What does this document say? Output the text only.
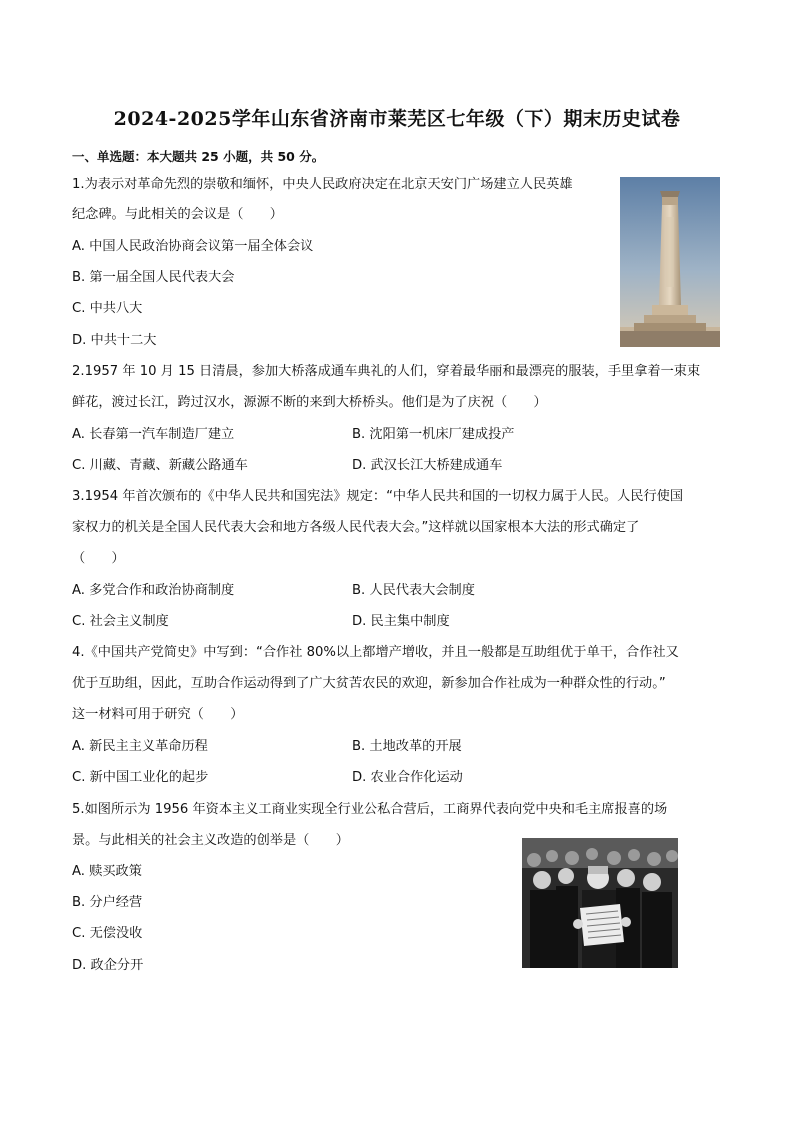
2024-2025学年山东省济南市莱芜区七年级（下）期末历史试卷
一、单选题：本大题共 25 小题，共 50 分。
1.为表示对革命先烈的崇敬和缅怀，中央人民政府决定在北京天安门广场建立人民英雄
纪念碑。与此相关的会议是（　　）
A. 中国人民政治协商会议第一届全体会议
B. 第一届全国人民代表大会
C. 中共八大
D. 中共十二大
2.1957 年 10 月 15 日清晨，参加大桥落成通车典礼的人们，穿着最华丽和最漂亮的服装，手里拿着一束束
鲜花，渡过长江，跨过汉水，源源不断的来到大桥桥头。他们是为了庆祝（　　）
A. 长春第一汽车制造厂建立	B. 沈阳第一机床厂建成投产
C. 川藏、青藏、新藏公路通车	D. 武汉长江大桥建成通车
3.1954 年首次颁布的《中华人民共和国宪法》规定：“中华人民共和国的一切权力属于人民。人民行使国
家权力的机关是全国人民代表大会和地方各级人民代表大会。”这样就以国家根本大法的形式确定了
（　　）
A. 多党合作和政治协商制度	B. 人民代表大会制度
C. 社会主义制度	D. 民主集中制度
4.《中国共产党简史》中写到：“合作社 80%以上都增产增收，并且一般都是互助组优于单干，合作社又
优于互助组，因此，互助合作运动得到了广大贫苦农民的欢迎，新参加合作社成为一种群众性的行动。”
这一材料可用于研究（　　）
A. 新民主主义革命历程	B. 土地改革的开展
C. 新中国工业化的起步	D. 农业合作化运动
5.如图所示为 1956 年资本主义工商业实现全行业公私合营后，工商界代表向党中央和毛主席报喜的场
景。与此相关的社会主义改造的创举是（　　）
A. 赎买政策
B. 分户经营
C. 无偿没收
D. 政企分开
